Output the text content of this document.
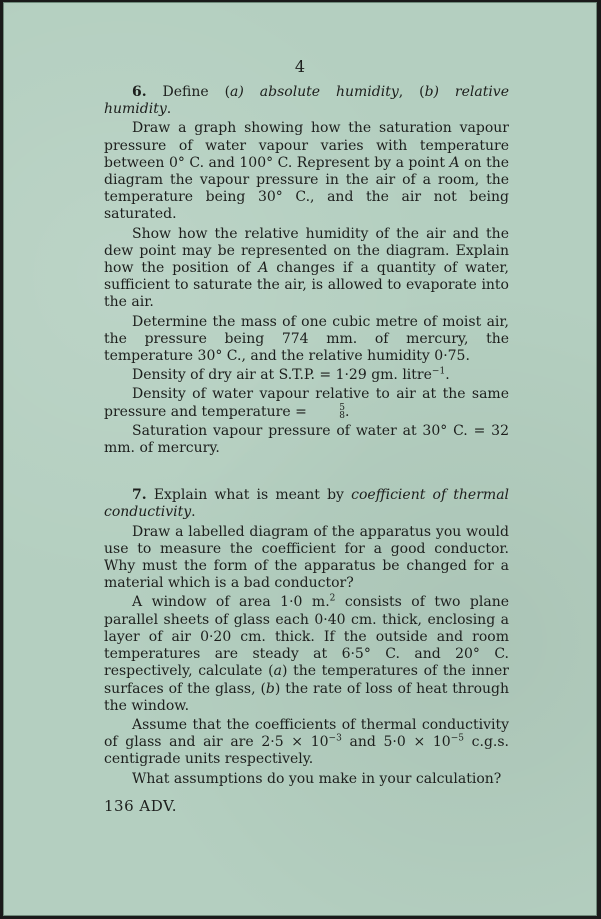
4

6. Define (a) absolute humidity, (b) relative humidity.

Draw a graph showing how the saturation vapour pressure of water vapour varies with temperature between 0° C. and 100° C. Represent by a point A on the diagram the vapour pressure in the air of a room, the temperature being 30° C., and the air not being saturated.

Show how the relative humidity of the air and the dew point may be represented on the diagram. Explain how the position of A changes if a quantity of water, sufficient to saturate the air, is allowed to evaporate into the air.

Determine the mass of one cubic metre of moist air, the pressure being 774 mm. of mercury, the temperature 30° C., and the relative humidity 0·75.

Density of dry air at S.T.P. = 1·29 gm. litre$^{-1}$.

Density of water vapour relative to air at the same pressure and temperature =	5
8 .

Saturation vapour pressure of water at 30° C. = 32 mm. of mercury.

7. Explain what is meant by coefficient of thermal conductivity.

Draw a labelled diagram of the apparatus you would use to measure the coefficient for a good conductor. Why must the form of the apparatus be changed for a material which is a bad conductor?

A window of area 1·0 m.$^2$ consists of two plane parallel sheets of glass each 0·40 cm. thick, enclosing a layer of air 0·20 cm. thick. If the outside and room temperatures are steady at 6·5° C. and 20° C. respectively, calculate (a) the temperatures of the inner surfaces of the glass, (b) the rate of loss of heat through the window.

Assume that the coefficients of thermal conductivity of glass and air are $2\cdot 5 \times 10^{-3}$ and $5\cdot 0 \times 10^{-5}$ c.g.s. centigrade units respectively.

What assumptions do you make in your calculation?

136 ADV.
